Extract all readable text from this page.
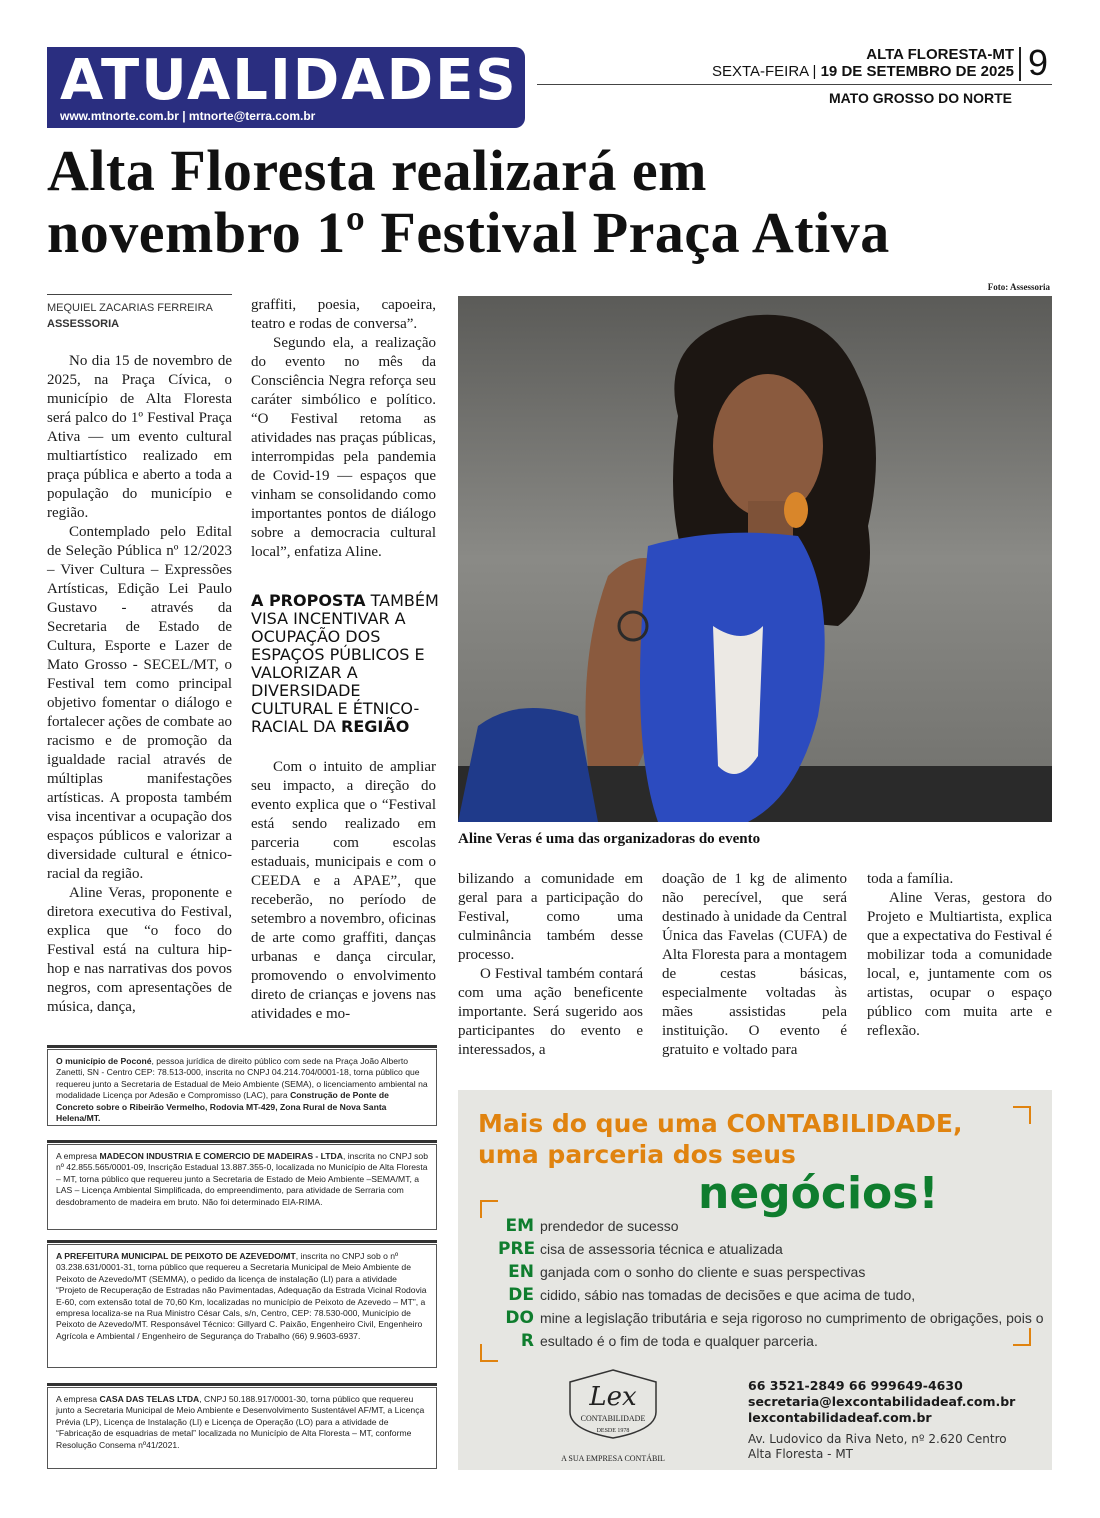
ATUALIDADES
www.mtnorte.com.br | mtnorte@terra.com.br
ALTA FLORESTA-MT
SEXTA-FEIRA | 19 DE SETEMBRO DE 2025 9
MATO GROSSO DO NORTE
Alta Floresta realizará em
novembro 1º Festival Praça Ativa
MEQUIEL ZACARIAS FERREIRA
ASSESSORIA

No dia 15 de novembro de 2025, na Praça Cívica, o município de Alta Floresta será palco do 1º Festival Praça Ativa — um evento cultural multiartístico realizado em praça pública e aberto a toda a população do município e região.

Contemplado pelo Edital de Seleção Pública nº 12/2023 – Viver Cultura – Expressões Artísticas, Edição Lei Paulo Gustavo - através da Secretaria de Estado de Cultura, Esporte e Lazer de Mato Grosso - SECEL/MT, o Festival tem como principal objetivo fomentar o diálogo e fortalecer ações de combate ao racismo e de promoção da igualdade racial através de múltiplas manifestações artísticas. A proposta também visa incentivar a ocupação dos espaços públicos e valorizar a diversidade cultural e étnico-racial da região.

Aline Veras, proponente e diretora executiva do Festival, explica que “o foco do Festival está na cultura hip-hop e nas narrativas dos povos negros, com apresentações de música, dança,

graffiti, poesia, capoeira, teatro e rodas de conversa”.

Segundo ela, a realização do evento no mês da Consciência Negra reforça seu caráter simbólico e político. “O Festival retoma as atividades nas praças públicas, interrompidas pela pandemia de Covid-19 — espaços que vinham se consolidando como importantes pontos de diálogo sobre a democracia cultural local”, enfatiza Aline.

A PROPOSTA TAMBÉM VISA INCENTIVAR A OCUPAÇÃO DOS ESPAÇOS PÚBLICOS E VALORIZAR A DIVERSIDADE CULTURAL E ÉTNICO-RACIAL DA REGIÃO

Com o intuito de ampliar seu impacto, a direção do evento explica que o “Festival está sendo realizado em parceria com escolas estaduais, municipais e com o CEEDA e a APAE”, que receberão, no período de setembro a novembro, oficinas de arte como graffiti, danças urbanas e dança circular, promovendo o envolvimento direto de crianças e jovens nas atividades e mo-

Foto: Assessoria
Aline Veras é uma das organizadoras do evento

bilizando a comunidade em geral para a participação do Festival, como uma culminância também desse processo.

O Festival também contará com uma ação beneficente importante. Será sugerido aos participantes do evento e interessados, a

doação de 1 kg de alimento não perecível, que será destinado à unidade da Central Única das Favelas (CUFA) de Alta Floresta para a montagem de cestas básicas, especialmente voltadas às mães assistidas pela instituição. O evento é gratuito e voltado para

toda a família.

Aline Veras, gestora do Projeto e Multiartista, explica que a expectativa do Festival é mobilizar toda a comunidade local, e, juntamente com os artistas, ocupar o espaço público com muita arte e reflexão.

O município de Poconé, pessoa jurídica de direito público com sede na Praça João Alberto Zanetti, SN - Centro CEP: 78.513-000, inscrita no CNPJ 04.214.704/0001-18, torna público que requereu junto a Secretaria de Estadual de Meio Ambiente (SEMA), o licenciamento ambiental na modalidade Licença por Adesão e Compromisso (LAC), para Construção de Ponte de Concreto sobre o Ribeirão Vermelho, Rodovia MT-429, Zona Rural de Nova Santa Helena/MT.
A empresa MADECON INDUSTRIA E COMERCIO DE MADEIRAS - LTDA, inscrita no CNPJ sob nº 42.855.565/0001-09, Inscrição Estadual 13.887.355-0, localizada no Município de Alta Floresta – MT, torna público que requereu junto a Secretaria de Estado de Meio Ambiente –SEMA/MT, a LAS – Licença Ambiental Simplificada, do empreendimento, para atividade de Serraria com desdobramento de madeira em bruto. Não foi determinado EIA-RIMA.
A PREFEITURA MUNICIPAL DE PEIXOTO DE AZEVEDO/MT, inscrita no CNPJ sob o nº 03.238.631/0001-31, torna público que requereu a Secretaria Municipal de Meio Ambiente de Peixoto de Azevedo/MT (SEMMA), o pedido da licença de instalação (LI) para a atividade “Projeto de Recuperação de Estradas não Pavimentadas, Adequação da Estrada Vicinal Rodovia E-60, com extensão total de 70,60 Km, localizadas no município de Peixoto de Azevedo – MT”, a empresa localiza-se na Rua Ministro César Cals, s/n, Centro, CEP: 78.530-000, Município de Peixoto de Azevedo/MT. Responsável Técnico: Gillyard C. Paixão, Engenheiro Civil, Engenheiro Agrícola e Ambiental / Engenheiro de Segurança do Trabalho (66) 9.9603-6937.
A empresa CASA DAS TELAS LTDA, CNPJ 50.188.917/0001-30, torna público que requereu junto a Secretaria Municipal de Meio Ambiente e Desenvolvimento Sustentável AF/MT, a Licença Prévia (LP), Licença de Instalação (LI) e Licença de Operação (LO) para a atividade de “Fabricação de esquadrias de metal” localizada no Município de Alta Floresta – MT, conforme Resolução Consema nº41/2021.
Mais do que uma CONTABILIDADE,
uma parceria dos seus
negócios!
EM prendedor de sucesso
PRE cisa de assessoria técnica e atualizada
EN ganjada com o sonho do cliente e suas perspectivas
DE cidido, sábio nas tomadas de decisões e que acima de tudo,
DO mine a legislação tributária e seja rigoroso no cumprimento de obrigações, pois o
R esultado é o fim de toda e qualquer parceria.
Lex
CONTABILIDADE
DESDE 1978
A SUA EMPRESA CONTÁBIL
66 3521-2849 66 999649-4630
secretaria@lexcontabilidadeaf.com.br
lexcontabilidadeaf.com.br
Av. Ludovico da Riva Neto, nº 2.620 Centro
Alta Floresta - MT
